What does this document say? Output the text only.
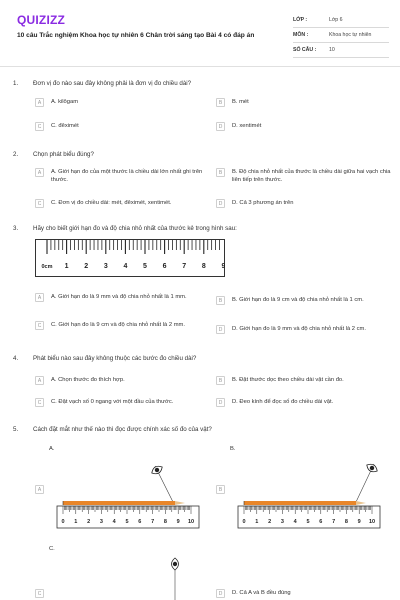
QUIZIZZ
10 câu Trắc nghiệm Khoa học tự nhiên 6 Chân trời sáng tạo Bài 4 có đáp án
LỚP :	Lớp 6
MÔN :	Khoa học tự nhiên
SỐ CÂU :	10
1. Đơn vị đo nào sau đây không phải là đơn vị đo chiều dài?
A	A. kilôgam	B	B. mét
C	C. đêximét	D	D. xentimét
2. Chọn phát biểu đúng?
A	A. Giới hạn đo của một thước là chiều dài lớn nhất ghi trên thước.
B	B. Độ chia nhỏ nhất của thước là chiều dài giữa hai vạch chia liên tiếp trên thước.
C	C. Đơn vị đo chiều dài: mét, đêximét, xentimét.	D	D. Cả 3 phương án trên
3. Hãy cho biết giới hạn đo và độ chia nhỏ nhất của thước kẻ trong hình sau:
0cm 1 2 3 4 5 6 7 8 9
A	A. Giới hạn đo là 9 mm và độ chia nhỏ nhất là 1 mm.
B	B. Giới hạn đo là 9 cm và độ chia nhỏ nhất là 1 cm.
C	C. Giới hạn đo là 9 cm và độ chia nhỏ nhất là 2 mm.
D	D. Giới hạn đo là 9 mm và độ chia nhỏ nhất là 2 cm.
4. Phát biểu nào sau đây không thuộc các bước đo chiều dài?
A	A. Chọn thước đo thích hợp.	B	B. Đặt thước dọc theo chiều dài vật cần đo.
C	C. Đặt vạch số 0 ngang với một đầu của thước.	D	D. Đeo kính để đọc số đo chiều dài vật.
5. Cách đặt mắt như thế nào thì đọc được chính xác số đo của vật?
A.	B.
C.
0 1 2 3 4 5 6 7 8 9 10	0 1 2 3 4 5 6 7 8 9 10
A	B
C	D	D. Cả A và B đều đúng
